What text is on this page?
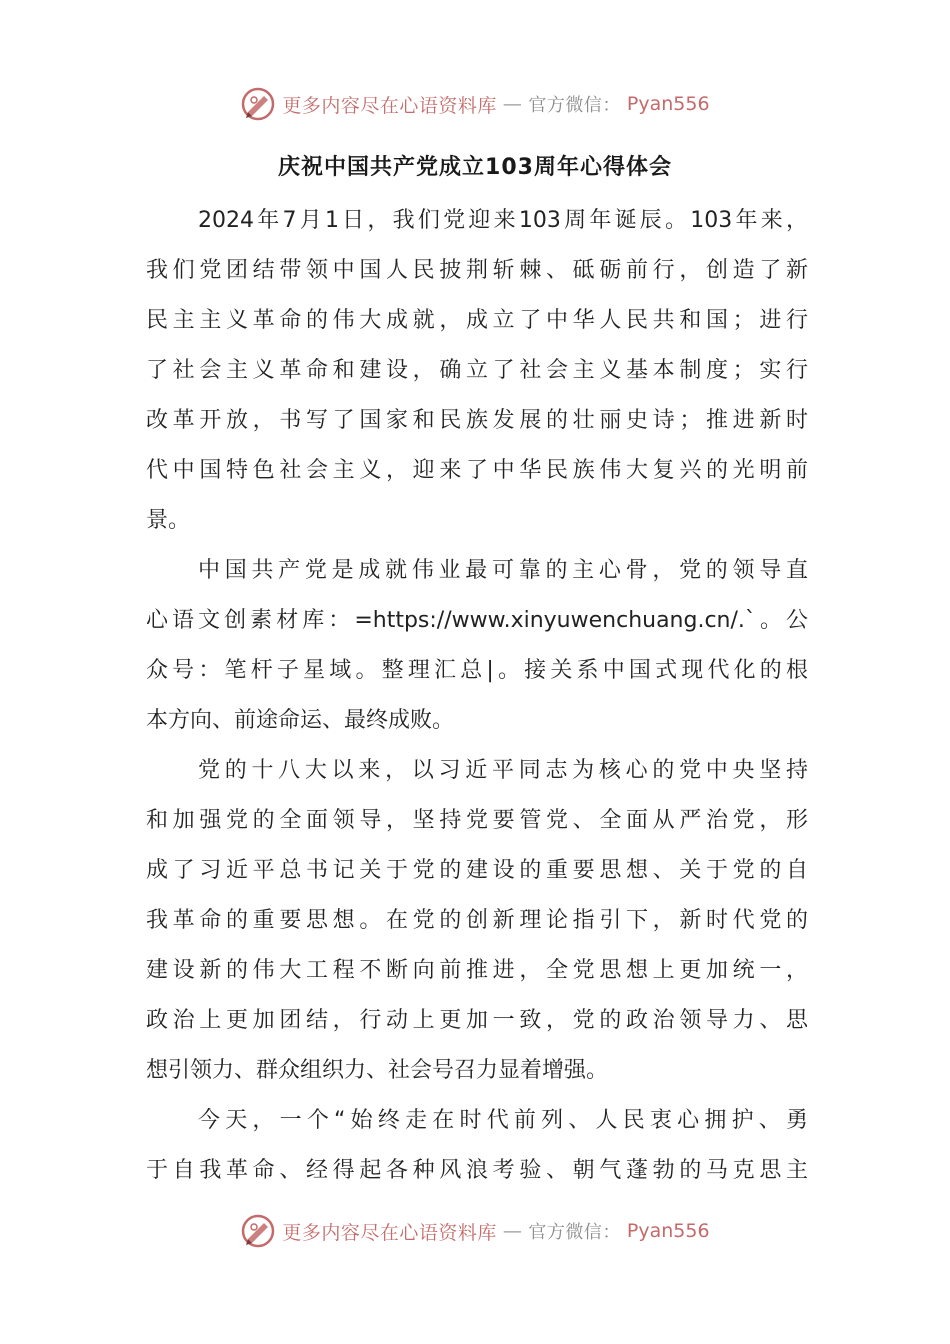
更多内容尽在心语资料库 — 官方微信： Pyan556
庆祝中国共产党成立103周年心得体会
2024年7月1日，我们党迎来103周年诞辰。103年来，
我们党团结带领中国人民披荆斩棘、砥砺前行，创造了新
民主主义革命的伟大成就，成立了中华人民共和国；进行
了社会主义革命和建设，确立了社会主义基本制度；实行
改革开放，书写了国家和民族发展的壮丽史诗；推进新时
代中国特色社会主义，迎来了中华民族伟大复兴的光明前
景。
中国共产党是成就伟业最可靠的主心骨，党的领导直
心语文创素材库：=https://www.xinyuwenchuang.cn/.`。公
众号：笔杆子星域。整理汇总|。接关系中国式现代化的根
本方向、前途命运、最终成败。
党的十八大以来，以习近平同志为核心的党中央坚持
和加强党的全面领导，坚持党要管党、全面从严治党，形
成了习近平总书记关于党的建设的重要思想、关于党的自
我革命的重要思想。在党的创新理论指引下，新时代党的
建设新的伟大工程不断向前推进，全党思想上更加统一，
政治上更加团结，行动上更加一致，党的政治领导力、思
想引领力、群众组织力、社会号召力显着增强。
今天，一个“始终走在时代前列、人民衷心拥护、勇
于自我革命、经得起各种风浪考验、朝气蓬勃的马克思主
更多内容尽在心语资料库 — 官方微信： Pyan556
